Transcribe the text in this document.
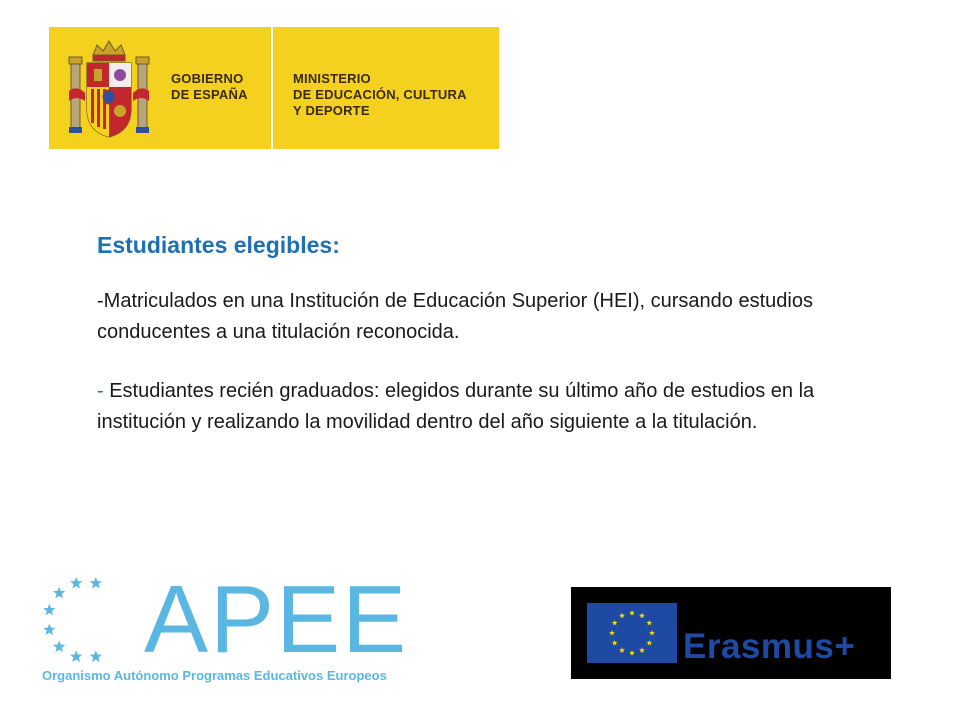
GOBIERNO
DE ESPAÑA
MINISTERIO
DE EDUCACIÓN, CULTURA
Y DEPORTE
Estudiantes elegibles:

-Matriculados en una Institución de Educación Superior (HEI), cursando estudios conducentes a una titulación reconocida.

- Estudiantes recién graduados: elegidos durante su último año de estudios en la institución y realizando la movilidad dentro del año siguiente a la titulación.

APEE
Organismo Autónomo Programas Educativos Europeos
Erasmus+
